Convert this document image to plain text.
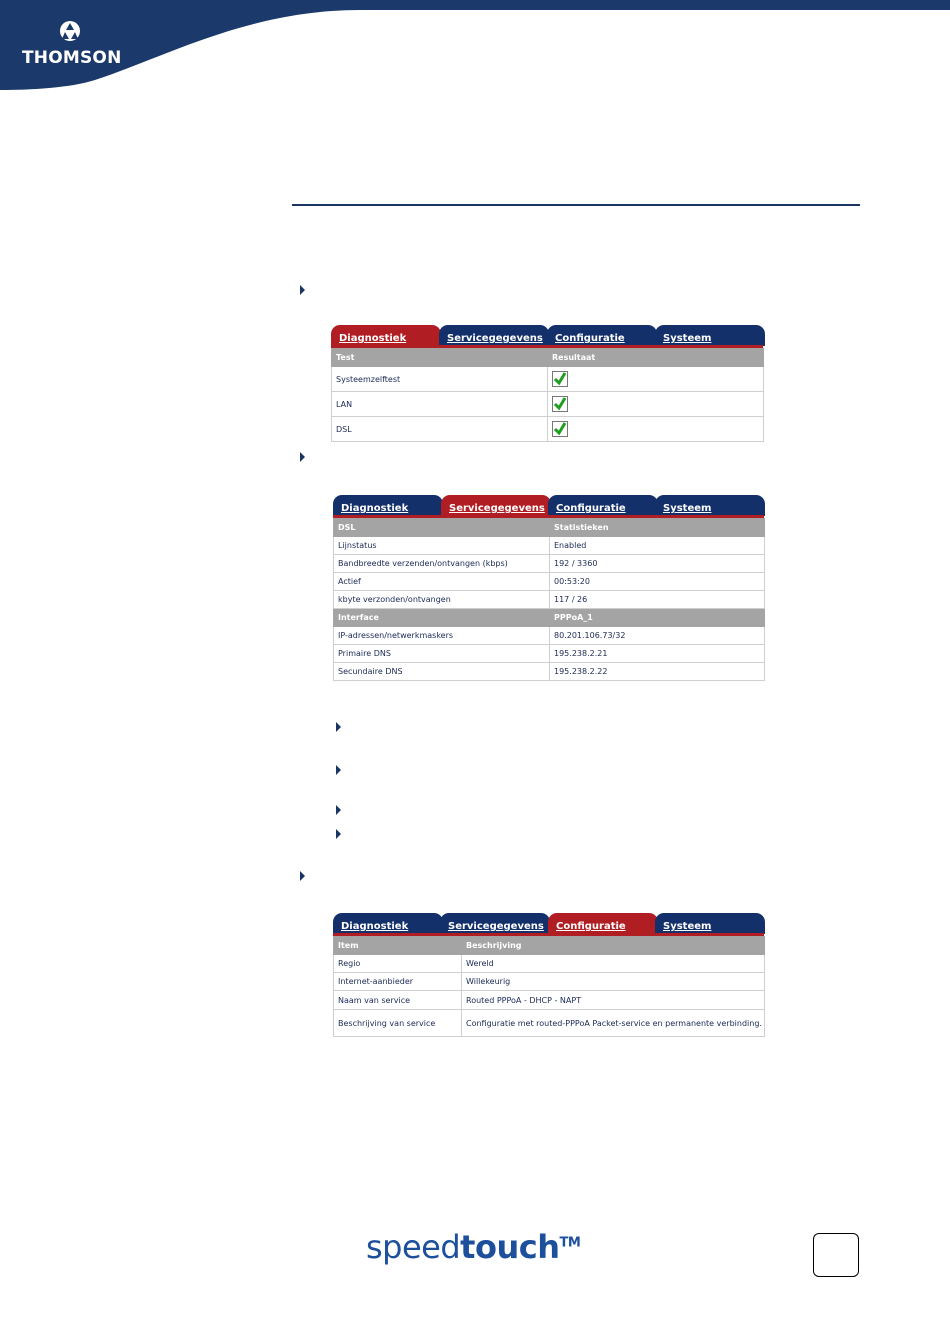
THOMSON
Diagnostiek	Servicegegevens	Configuratie	Systeem
Test	Resultaat
Systeemzelftest	
LAN	
DSL	
Diagnostiek	Servicegegevens	Configuratie	Systeem
DSL	Statistieken
Lijnstatus	Enabled
Bandbreedte verzenden/ontvangen (kbps)	192 / 3360
Actief	00:53:20
kbyte verzonden/ontvangen	117 / 26
Interface	PPPoA_1
IP-adressen/netwerkmaskers	80.201.106.73/32
Primaire DNS	195.238.2.21
Secundaire DNS	195.238.2.22
Diagnostiek	Servicegegevens	Configuratie	Systeem
Item	Beschrijving
Regio	Wereld
Internet-aanbieder	Willekeurig
Naam van service	Routed PPPoA - DHCP - NAPT
Beschrijving van service	Configuratie met routed-PPPoA Packet-service en permanente verbinding.
speedtouch™
